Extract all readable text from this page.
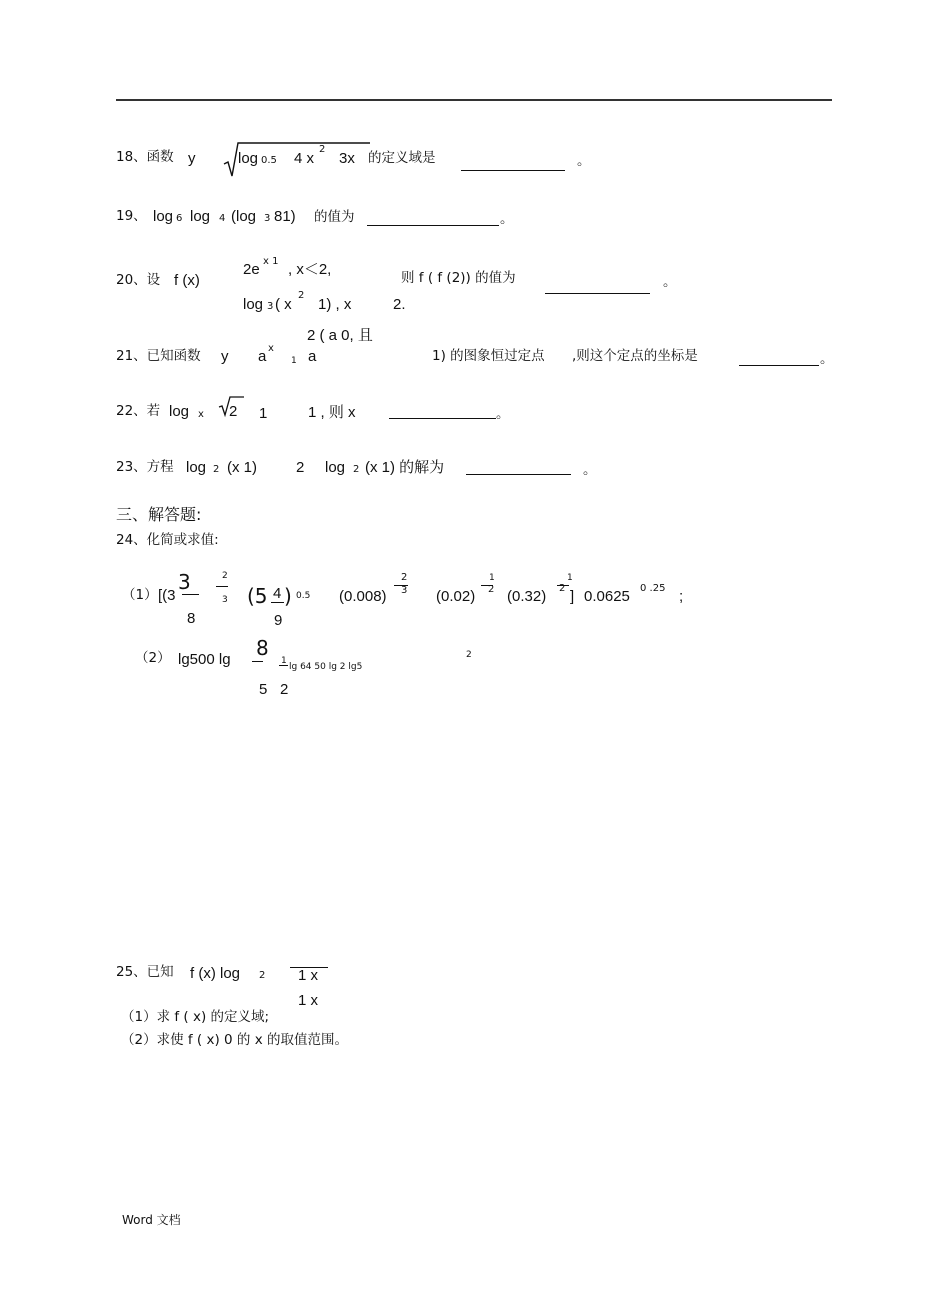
18、函数 y	log 0.5 4 x
2
3x 的定义域是	。
19、 log 6 log 4 (log 3 81) 的值为	。
20、设 f (x)
2e x 1 , x＜2,
log 3 ( x
2
1) , x	2.
则 f ( f (2)) 的值为	。
2 ( a 0, 且
21、已知函数 y a x
1 a	1) 的图象恒过定点 ,则这个定点的坐标是	。
22、若 log x 2 1	1 , 则 x	。
23、方程 log 2 (x 1)	2 log 2 (x 1) 的解为	。
三、解答题:
24、化简或求值:
（1） [(3
3
8
2
3 (5 4
9
) 0.5 (0.008)
2
3 (0.02)
1
2 (0.32)
1
2 ] 0.0625 0 .25 ;
（2） lg500 lg 8
5
1
2
lg 64 50 lg 2 lg5
2
25、已知 f (x) log 2 1 x
1 x
（1）求 f ( x) 的定义域;
（2）求使 f ( x) 0 的 x 的取值范围。
Word 文档
